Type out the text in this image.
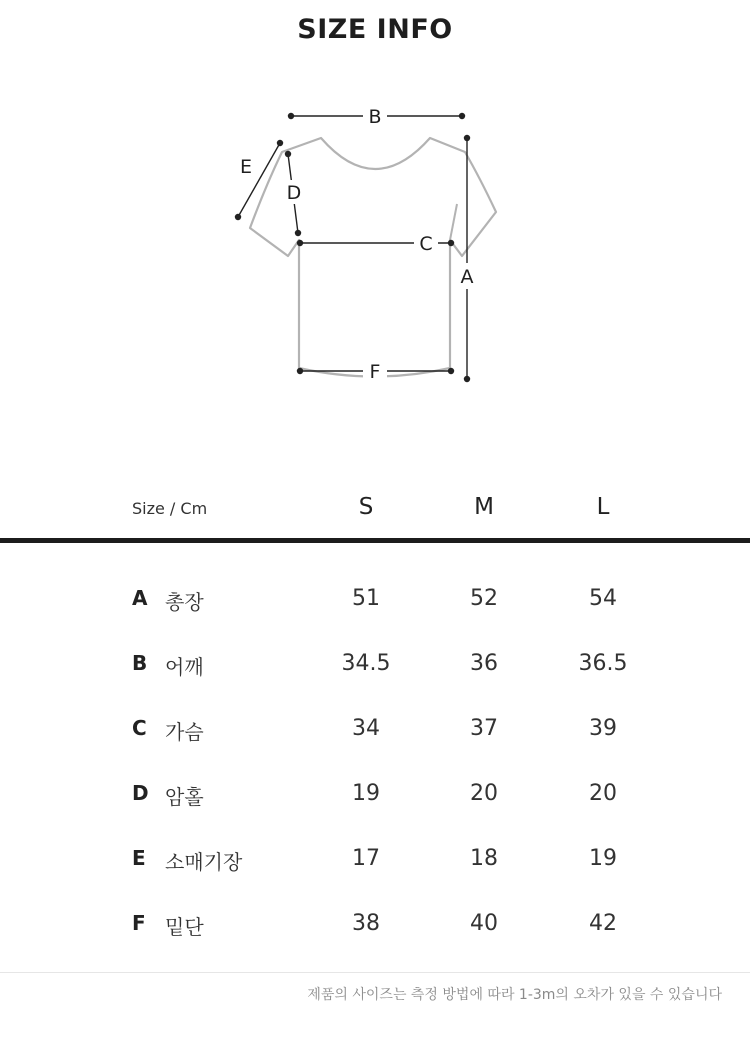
SIZE INFO
B
E
D
C
A
F
Size / Cm	S	M	L
A 총장	51	52	54
B 어깨	34.5	36	36.5
C 가슴	34	37	39
D 암홀	19	20	20
E 소매기장	17	18	19
F 밑단	38	40	42
제품의 사이즈는 측정 방법에 따라 1-3m의 오차가 있을 수 있습니다
